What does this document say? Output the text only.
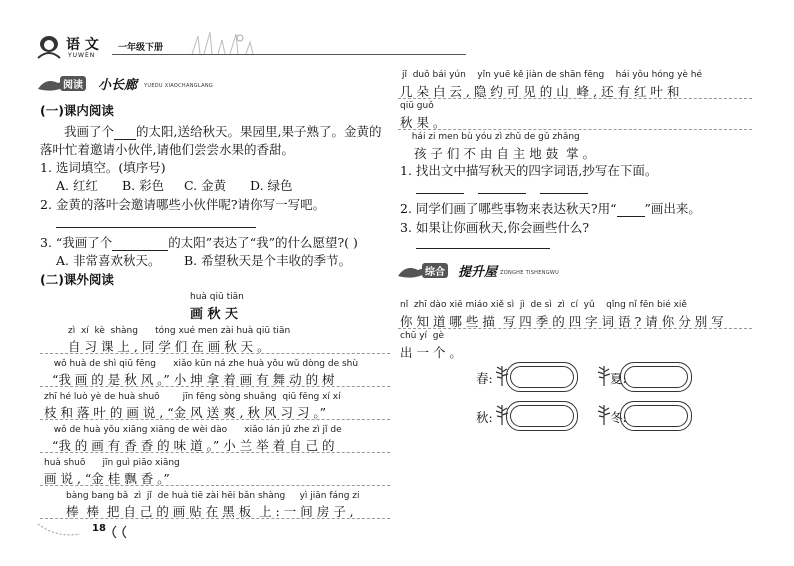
语 文
YUWEN
一年级下册
阅读 小长廊 YUEDU XIAOCHANGLANG
(一)课内阅读
我画了个 的太阳,送给秋天。果园里,果子熟了。金黄的
落叶忙着邀请小伙伴,请他们尝尝水果的香甜。
1. 选词填空。(填序号)
A. 红红 B. 彩色 C. 金黄 D. 绿色
2. 金黄的落叶会邀请哪些小伙伴呢?请你写一写吧。
3. “我画了个	的太阳”表达了“我”的什么愿望?( )
A. 非常喜欢秋天。 B. 希望秋天是个丰收的季节。
(二)课外阅读
huà qiū tiān
画 秋 天
zì  xí  kè  shàng      tóng xué men zài huà qiū tiān
自 习 课 上 , 同 学 们 在 画 秋 天 。
wǒ huà de shì qiū fēng      xiǎo kūn ná zhe huà yǒu wǔ dòng de shù
“我 画 的 是 秋 风 。” 小 坤 拿 着 画 有 舞 动 的 树
zhī hé luò yè de huà shuō        jīn fēng sòng shuǎng  qiū fēng xí xí
枝 和 落 叶 的 画 说 , “金 风 送 爽 , 秋 风 习 习 。”
wǒ de huà yǒu xiāng xiāng de wèi dào      xiǎo lán jǔ zhe zì jǐ de
“我 的 画 有 香 香 的 味 道 。” 小 兰 举 着 自 己 的
huà shuō      jīn guì piāo xiāng
画 说 , “金 桂 飘 香 。”
bàng bang bǎ  zì  jǐ  de huà tiē zài hēi bǎn shàng     yì jiān fáng zi
棒  棒  把 自 己 的 画 贴 在 黑 板  上 : 一 间 房 子 ,
18
jǐ  duǒ bái yún    yǐn yuē kě jiàn de shān fēng    hái yǒu hóng yè hé
几 朵 白 云 , 隐 约 可 见 的 山  峰 , 还 有 红 叶 和
qiū guǒ
秋 果 。
hái zi men bù yóu zì zhǔ de gǔ zhǎng
孩 子 们 不 由 自 主 地 鼓  掌 。
1. 找出文中描写秋天的四字词语,抄写在下面。
2. 同学们画了哪些事物来表达秋天?用“ ”画出来。
3. 如果让你画秋天,你会画些什么?
综合 提升屋 ZONGHE TISHENGWU
nǐ  zhī dào xiē miáo xiě sì  jì  de sì  zì  cí  yǔ    qǐng nǐ fēn bié xiě
你 知 道 哪 些 描  写 四 季 的 四 字 词 语 ? 请 你 分 别 写
chū yí  gè
出 一 个 。
春:	夏:
秋:	冬:
